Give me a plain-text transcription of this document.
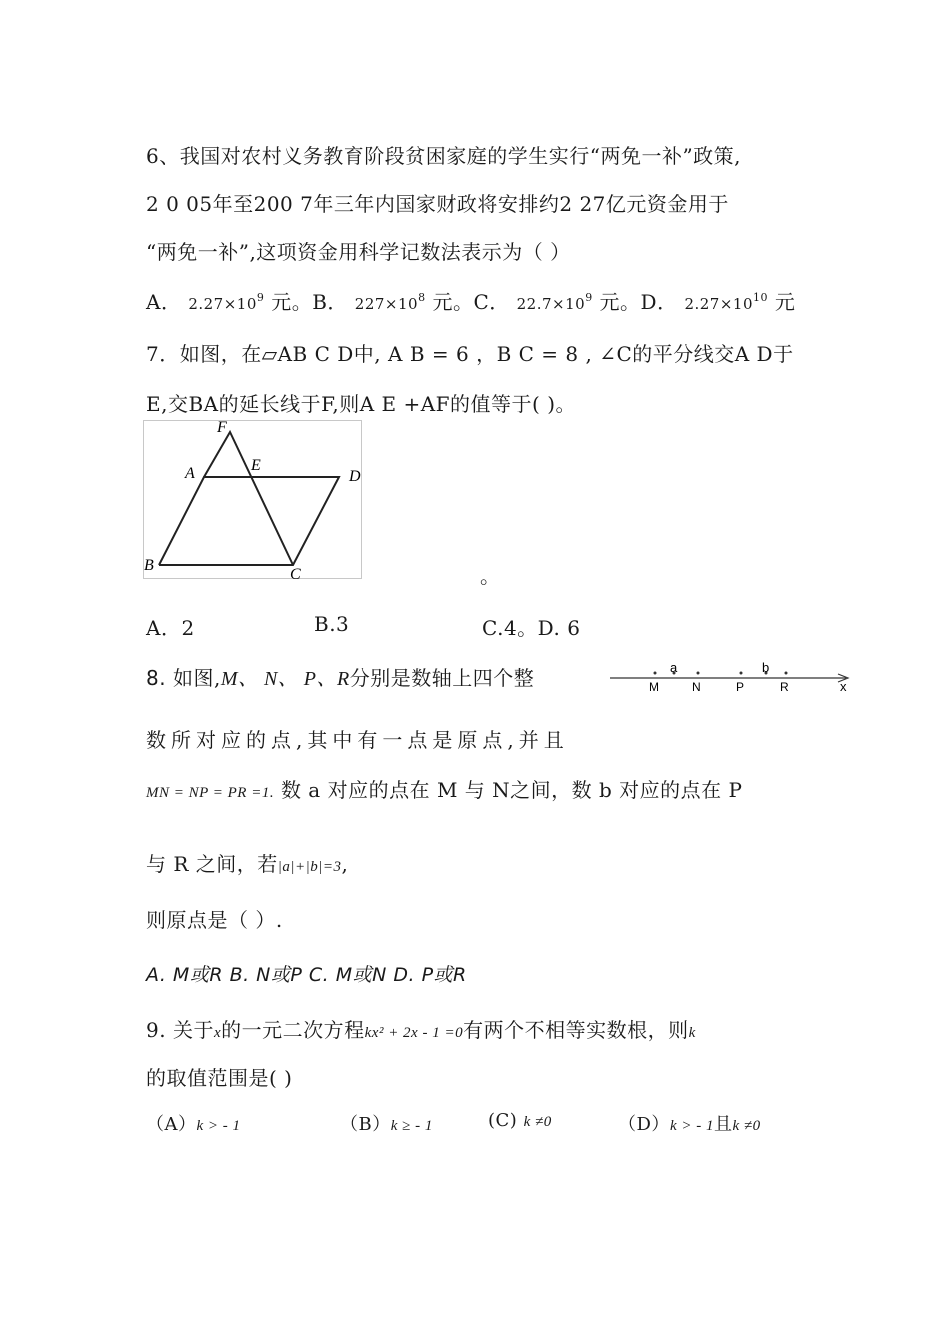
6、我国对农村义务教育阶段贫困家庭的学生实行“两免一补”政策,
2 0 05年至200 7年三年内国家财政将安排约2 27亿元资金用于
“两免一补”,这项资金用科学记数法表示为（ ）
A． $2.27\times 10^9$ 元。B． $227\times 10^8$ 元。C． $22.7\times 10^9$ 元。D． $2.27\times 10^{10}$ 元
7．如图，在▱AB C D中, A B = 6 ，B C = 8 , ∠C的平分线交A D于
E,交BA的延长线于F,则A E +AF的值等于( )。
F
A	E
D
B
C	。
A．2	B.3	C.4。D. 6
8. 如图,M、 N、 P、R分别是数轴上四个整	a	b
M	N	P	R	x
数所对应的点,其中有一点是原点,并且
MN = NP = PR =1. 数 a 对应的点在 M 与 N之间，数 b 对应的点在 P
与 R 之间，若|a|+|b|=3,
则原点是（ ）.
A. M或R B. N或P C. M或N D. P或R
9. 关于x的一元二次方程kx² + 2x - 1 =0有两个不相等实数根，则k
的取值范围是( )
（A）k > - 1	（B）k ≥ - 1	(C) k ≠0	（D）k > - 1且k ≠0
